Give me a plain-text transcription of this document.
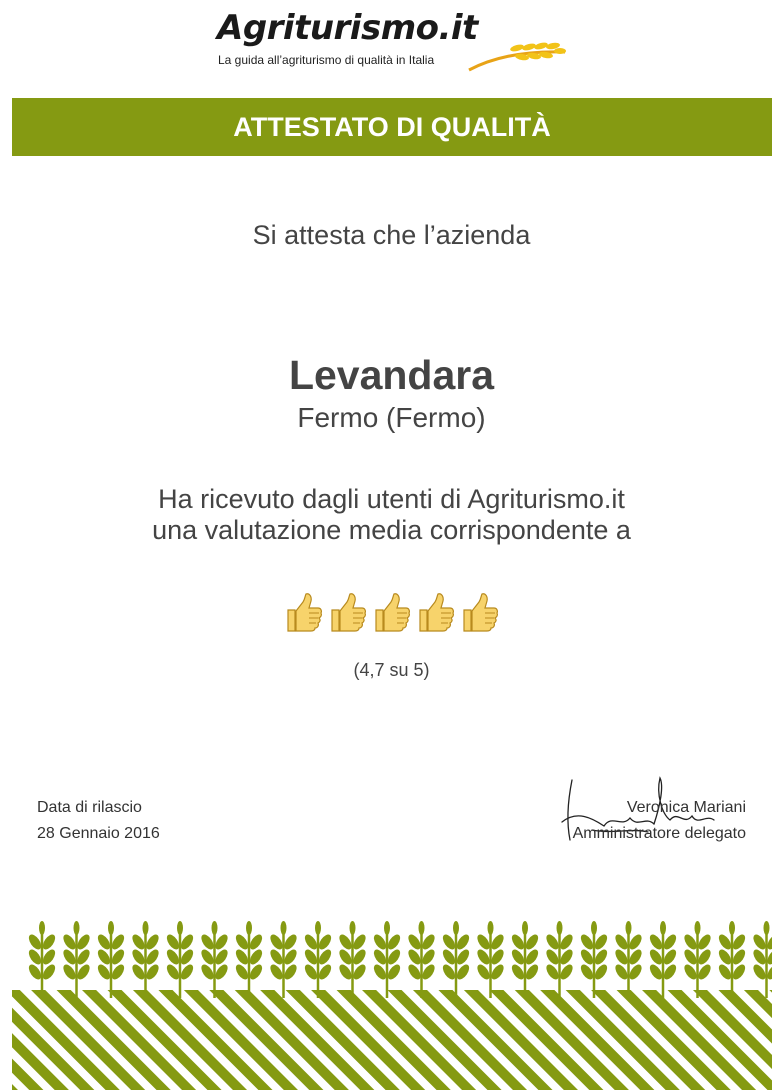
Agriturismo.it
La guida all’agriturismo di qualità in Italia
ATTESTATO DI QUALITÀ
Si attesta che l’azienda
Levandara
Fermo (Fermo)
Ha ricevuto dagli utenti di Agriturismo.it
una valutazione media corrispondente a
(4,7 su 5)
Data di rilascio
28 Gennaio 2016
Veronica Mariani
Amministratore delegato
